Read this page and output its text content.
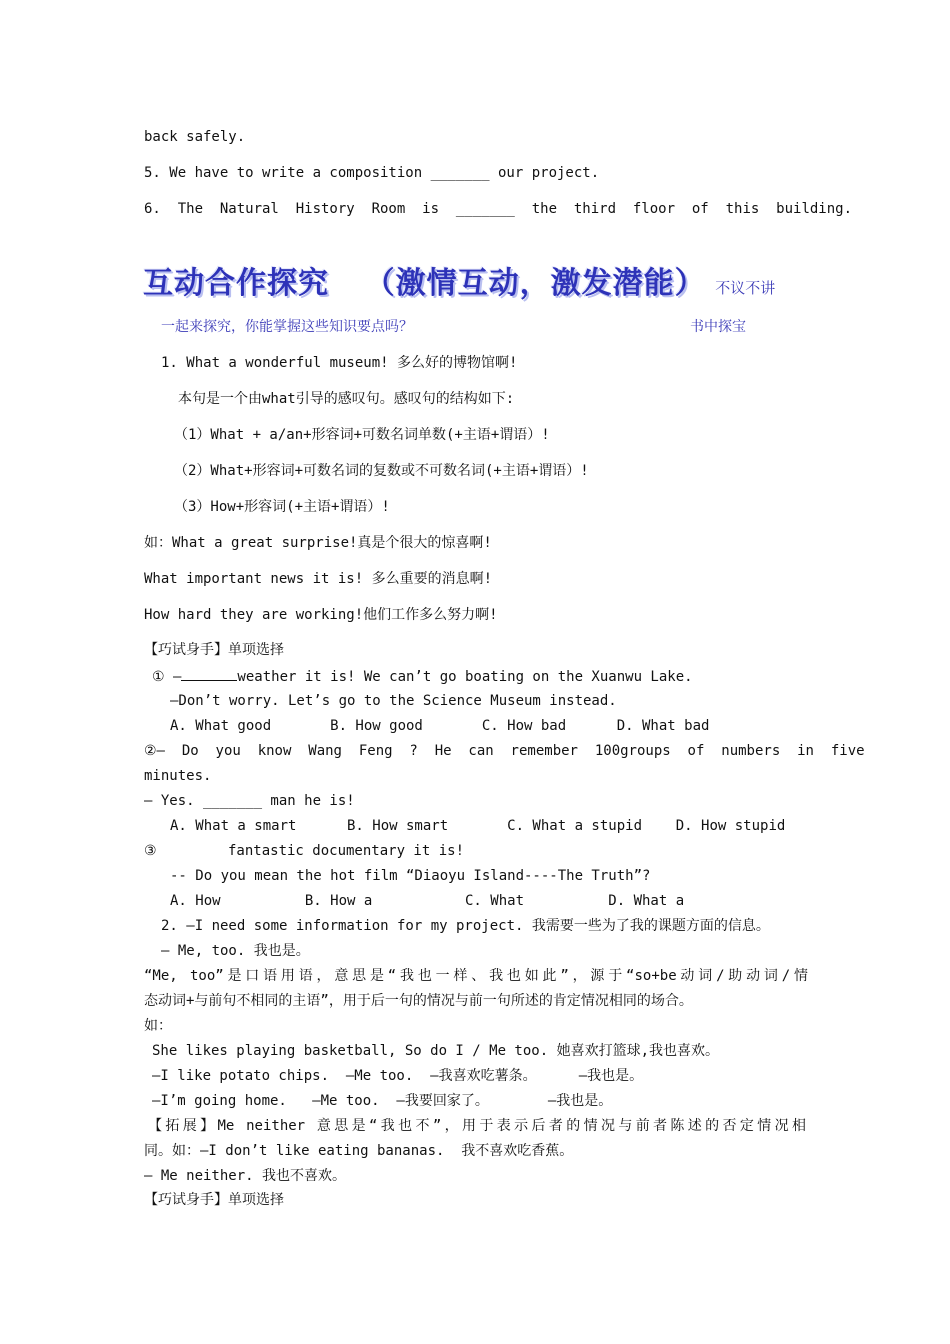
back safely.
5. We have to write a composition _______ our project.
6.  The  Natural  History  Room  is  _______  the  third  floor  of  this  building.
互动合作探究 （激情互动，激发潜能） 不议不讲
一起来探究，你能掌握这些知识要点吗？	书中探宝
1. What a wonderful museum! 多么好的博物馆啊!
本句是一个由what引导的感叹句。感叹句的结构如下:
（1）What + a/an+形容词+可数名词单数(+主语+谓语）!
（2）What+形容词+可数名词的复数或不可数名词(+主语+谓语）!
（3）How+形容词(+主语+谓语）!
如：What a great surprise!真是个很大的惊喜啊!
What important news it is! 多么重要的消息啊!
How hard they are working!他们工作多么努力啊!
【巧试身手】单项选择
① —	weather it is! We can’t go boating on the Xuanwu Lake.
—Don’t worry. Let’s go to the Science Museum instead.
A. What good       B. How good       C. How bad      D. What bad
②—  Do  you  know  Wang  Feng  ?  He  can  remember  100groups  of  numbers  in  five
minutes.
— Yes. _______ man he is!
A. What a smart      B. How smart       C. What a stupid    D. How stupid
③	fantastic documentary it is!
-- Do you mean the hot film “Diaoyu Island----The Truth”?
A. How          B. How a           C. What          D. What a
2. —I need some information for my project. 我需要一些为了我的课题方面的信息。
— Me, too. 我也是。
“Me, too”是口语用语，意思是“我也一样、我也如此”，源于“so+be动词/助动词/情
态动词+与前句不相同的主语”，用于后一句的情况与前一句所述的肯定情况相同的场合。
如：
She likes playing basketball, So do I / Me too. 她喜欢打篮球,我也喜欢。
—I like potato chips.  —Me too.  —我喜欢吃薯条。     —我也是。
—I’m going home.   —Me too.  —我要回家了。       —我也是。
【拓展】Me neither 意思是“我也不”，用于表示后者的情况与前者陈述的否定情况相
同。如：—I don’t like eating bananas.  我不喜欢吃香蕉。
— Me neither. 我也不喜欢。
【巧试身手】单项选择
